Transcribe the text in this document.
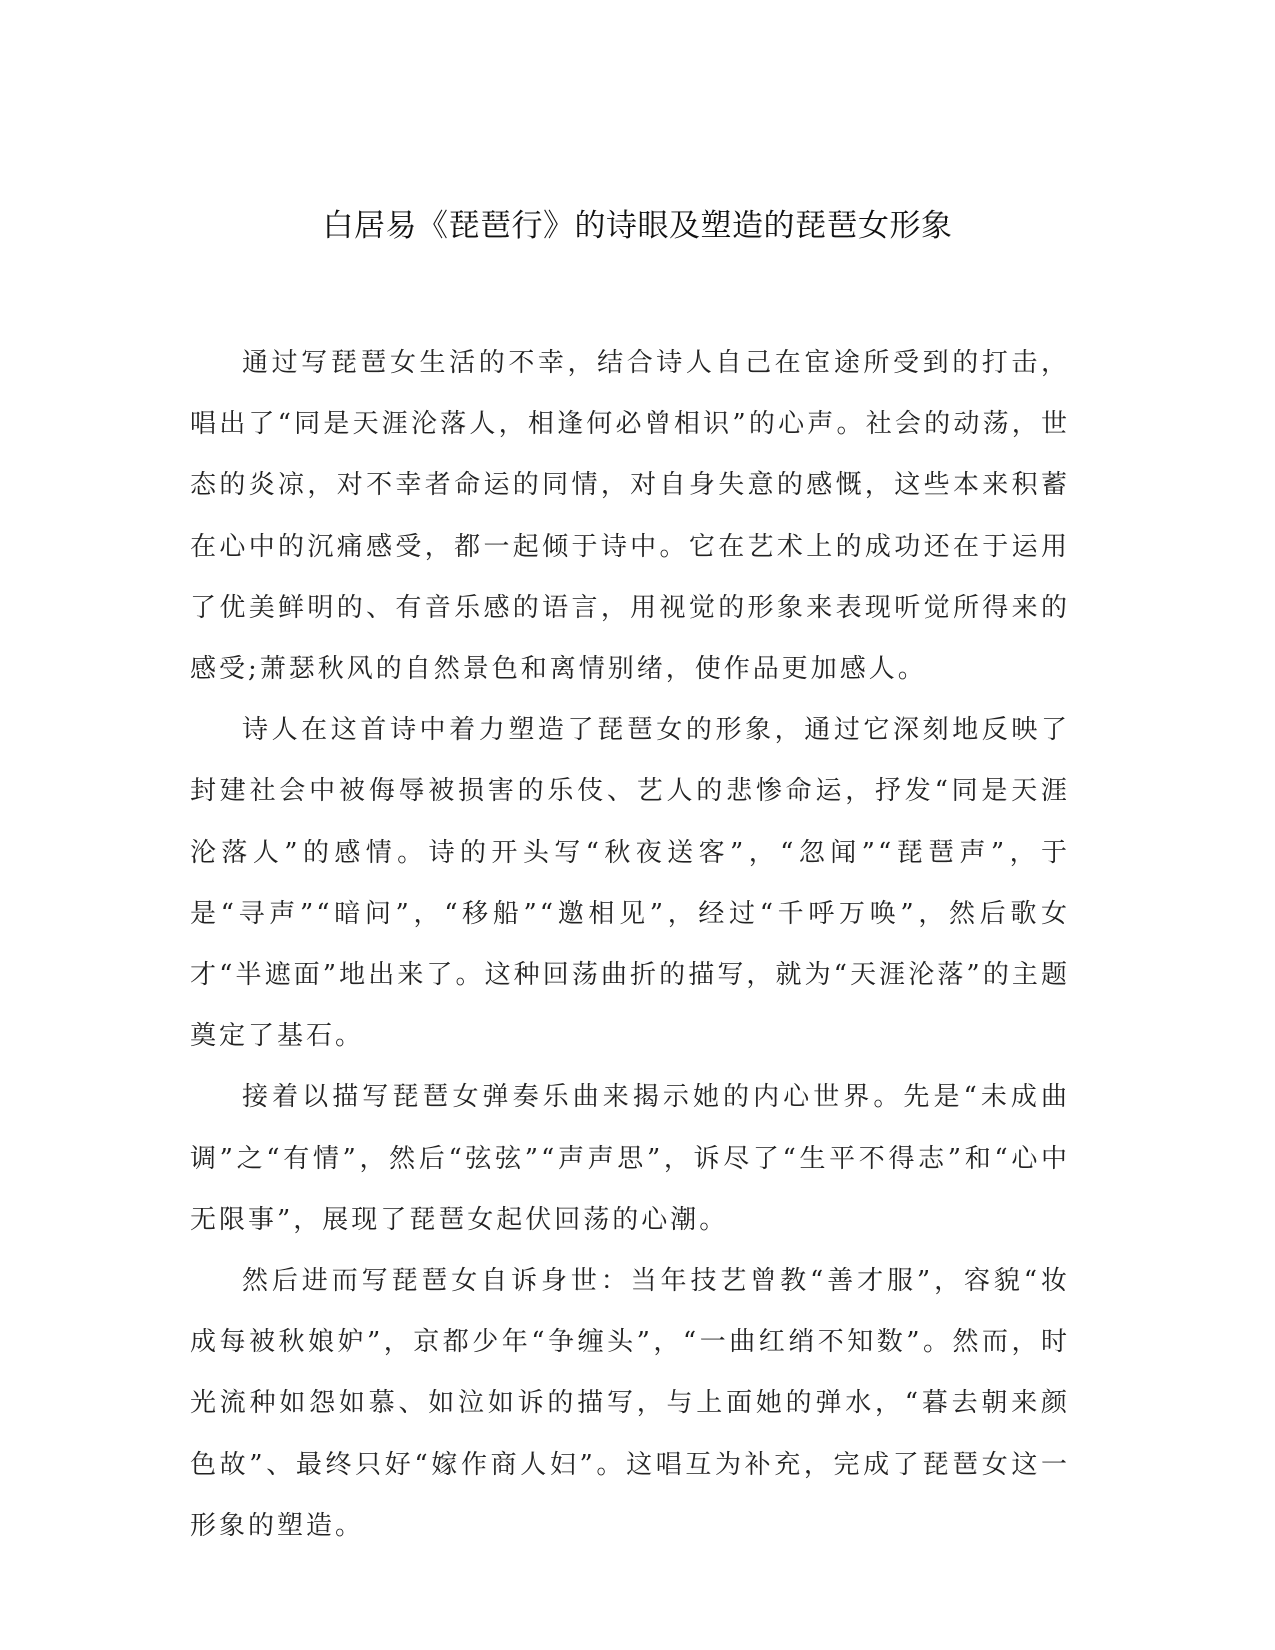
白居易《琵琶行》的诗眼及塑造的琵琶女形象

通过写琵琶女生活的不幸，结合诗人自己在宦途所受到的打击，唱出了“同是天涯沦落人，相逢何必曾相识”的心声。社会的动荡，世态的炎凉，对不幸者命运的同情，对自身失意的感慨，这些本来积蓄在心中的沉痛感受，都一起倾于诗中。它在艺术上的成功还在于运用了优美鲜明的、有音乐感的语言，用视觉的形象来表现听觉所得来的感受;萧瑟秋风的自然景色和离情别绪，使作品更加感人。

诗人在这首诗中着力塑造了琵琶女的形象，通过它深刻地反映了封建社会中被侮辱被损害的乐伎、艺人的悲惨命运，抒发“同是天涯沦落人”的感情。诗的开头写“秋夜送客”，“忽闻”“琵琶声”，于是“寻声”“暗问”，“移船”“邀相见”，经过“千呼万唤”，然后歌女才“半遮面”地出来了。这种回荡曲折的描写，就为“天涯沦落”的主题奠定了基石。

接着以描写琵琶女弹奏乐曲来揭示她的内心世界。先是“未成曲调”之“有情”，然后“弦弦”“声声思”，诉尽了“生平不得志”和“心中无限事”，展现了琵琶女起伏回荡的心潮。

然后进而写琵琶女自诉身世：当年技艺曾教“善才服”，容貌“妆成每被秋娘妒”，京都少年“争缠头”，“一曲红绡不知数”。然而，时光流种如怨如慕、如泣如诉的描写，与上面她的弹水，“暮去朝来颜色故”、最终只好“嫁作商人妇”。这唱互为补充，完成了琵琶女这一形象的塑造。
